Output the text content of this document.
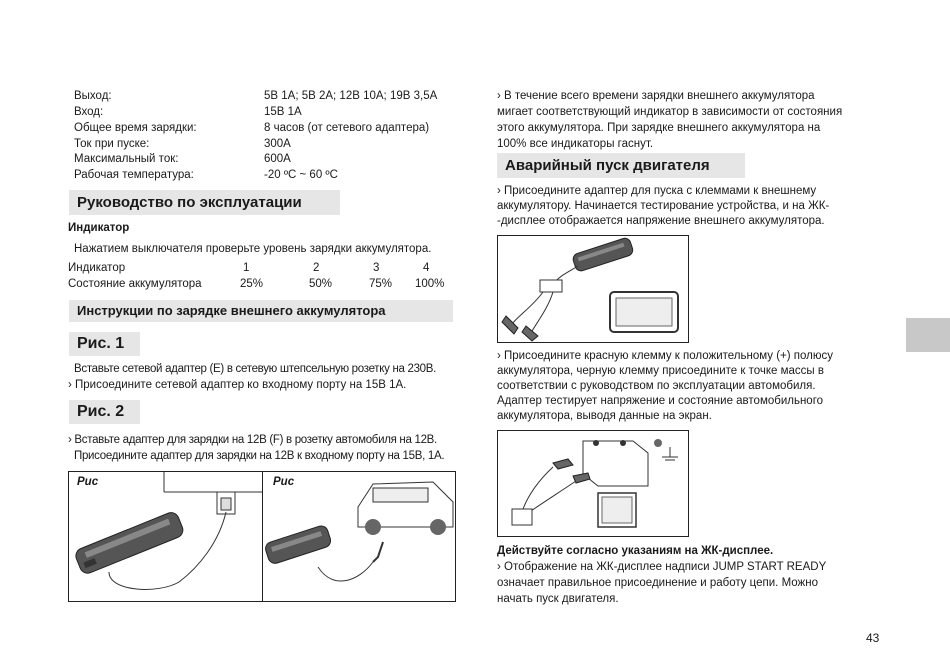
Выход:	5В 1А; 5В 2А; 12В 10А; 19В 3,5А
Вход:	15В 1А
Общее время зарядки:	8 часов (от сетевого адаптера)
Ток при пуске:	300А
Максимальный ток:	600А
Рабочая температура:	-20 ºC ~ 60 ºC
Руководство по эксплуатации
Индикатор
Нажатием выключателя проверьте уровень зарядки аккумулятора.
Индикатор	1	2	3	4
Состояние аккумулятора	25%	50%	75% 100%
Инструкции по зарядке внешнего аккумулятора
Рис. 1
Вставьте сетевой адаптер (Е) в сетевую штепсельную розетку на 230В.
› Присоедините сетевой адаптер ко входному порту на 15В 1А.
Рис. 2
› Вставьте адаптер для зарядки на 12В (F) в розетку автомобиля на 12В.
Присоедините адаптер для зарядки на 12В к входному порту на 15В, 1А.
Рис	Рис
› В течение всего времени зарядки внешнего аккумулятора
мигает соответствующий индикатор в зависимости от состояния
этого аккумулятора. При зарядке внешнего аккумулятора на
100% все индикаторы гаснут.
Аварийный пуск двигателя
› Присоедините адаптер для пуска с клеммами к внешнему
аккумулятору. Начинается тестирование устройства, и на ЖК-
-дисплее отображается напряжение внешнего аккумулятора.
› Присоедините красную клемму к положительному (+) полюсу
аккумулятора, черную клемму присоедините к точке массы в
соответствии с руководством по эксплуатации автомобиля.
Адаптер тестирует напряжение и состояние автомобильного
аккумулятора, выводя данные на экран.
Действуйте согласно указаниям на ЖК-дисплее.
› Отображение на ЖК-дисплее надписи JUMP START READY
означает правильное присоединение и работу цепи. Можно
начать пуск двигателя.
43
